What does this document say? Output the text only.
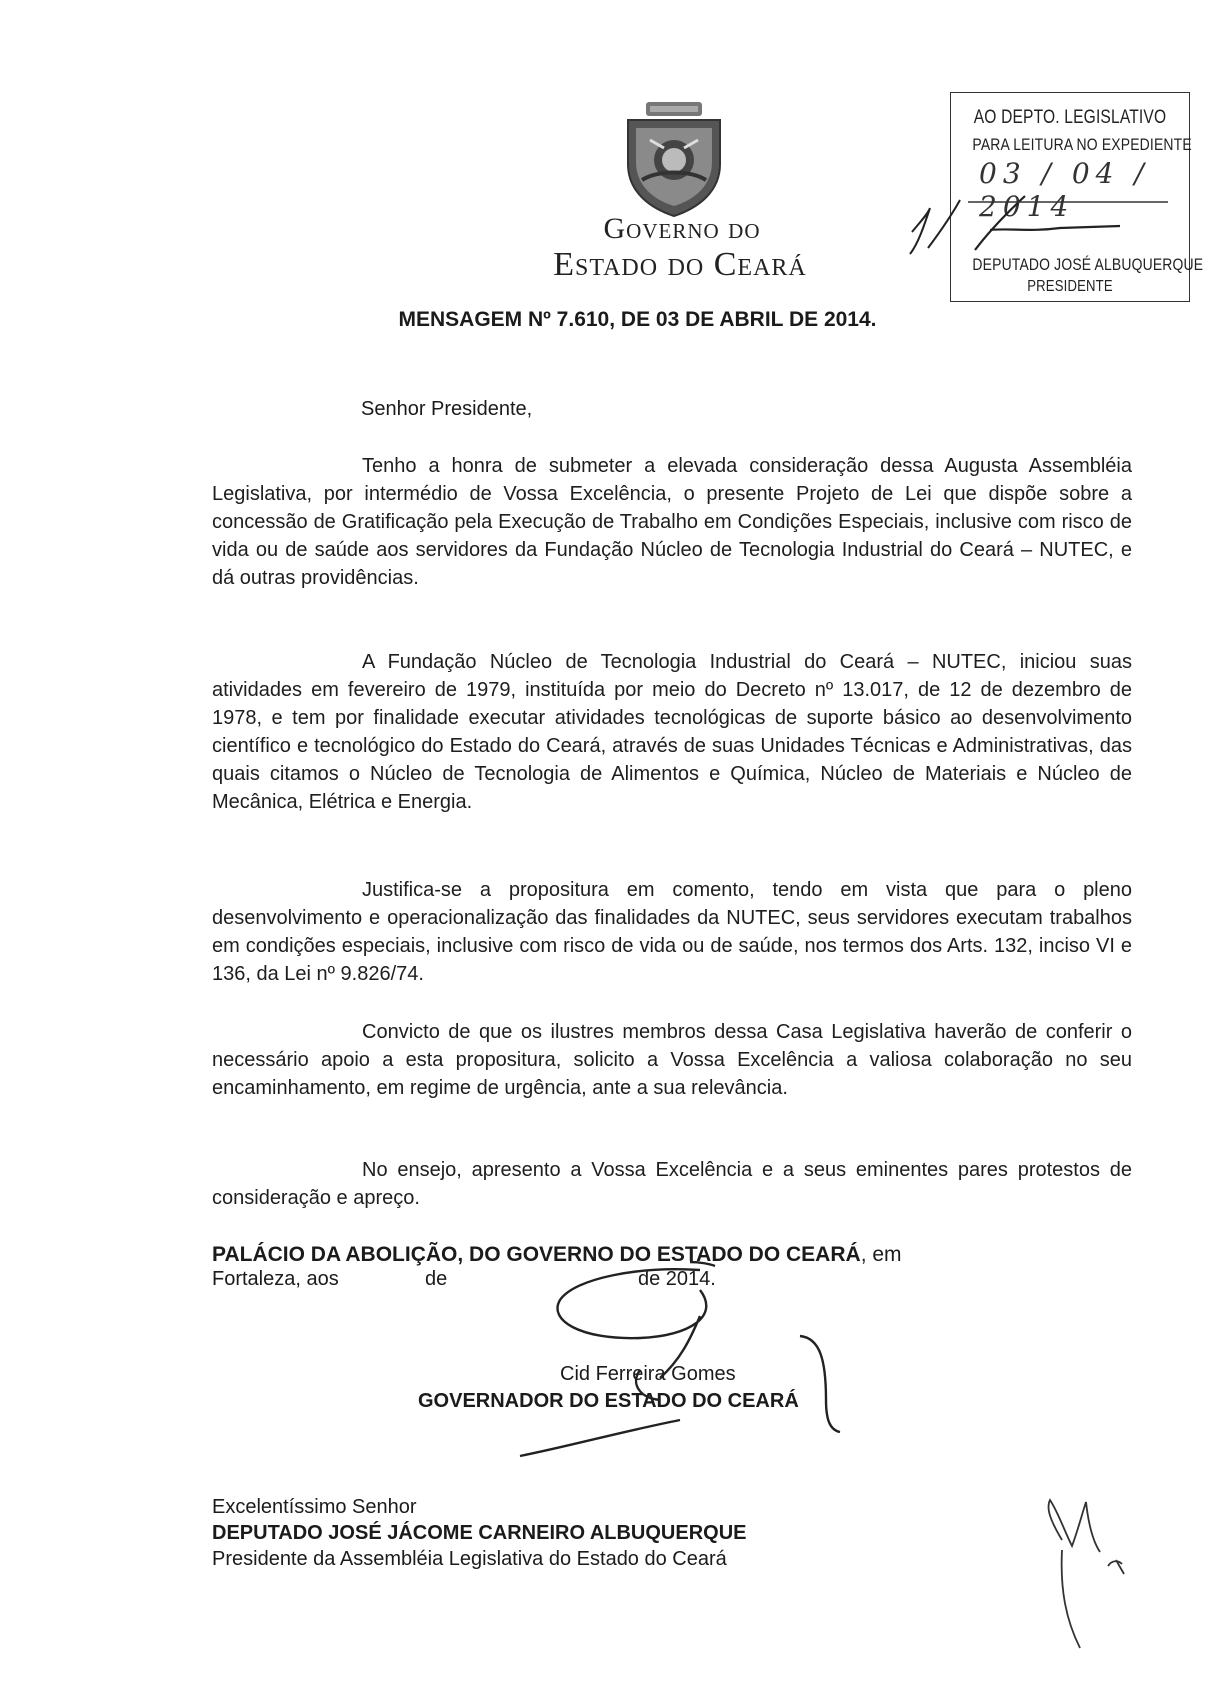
Governo do
Estado do Ceará
AO DEPTO. LEGISLATIVO
PARA LEITURA NO EXPEDIENTE
03 / 04 / 2014
DEPUTADO JOSÉ ALBUQUERQUE
PRESIDENTE
MENSAGEM Nº 7.610, DE 03 DE ABRIL DE 2014.
Senhor Presidente,

Tenho a honra de submeter a elevada consideração dessa Augusta Assembléia Legislativa, por intermédio de Vossa Excelência, o presente Projeto de Lei que dispõe sobre a concessão de Gratificação pela Execução de Trabalho em Condições Especiais, inclusive com risco de vida ou de saúde aos servidores da Fundação Núcleo de Tecnologia Industrial do Ceará – NUTEC, e dá outras providências.

A Fundação Núcleo de Tecnologia Industrial do Ceará – NUTEC, iniciou suas atividades em fevereiro de 1979, instituída por meio do Decreto nº 13.017, de 12 de dezembro de 1978, e tem por finalidade executar atividades tecnológicas de suporte básico ao desenvolvimento científico e tecnológico do Estado do Ceará, através de suas Unidades Técnicas e Administrativas, das quais citamos o Núcleo de Tecnologia de Alimentos e Química, Núcleo de Materiais e Núcleo de Mecânica, Elétrica e Energia.

Justifica-se a propositura em comento, tendo em vista que para o pleno desenvolvimento e operacionalização das finalidades da NUTEC, seus servidores executam trabalhos em condições especiais, inclusive com risco de vida ou de saúde, nos termos dos Arts. 132, inciso VI e 136, da Lei nº 9.826/74.

Convicto de que os ilustres membros dessa Casa Legislativa haverão de conferir o necessário apoio a esta propositura, solicito a Vossa Excelência a valiosa colaboração no seu encaminhamento, em regime de urgência, ante a sua relevância.

No ensejo, apresento a Vossa Excelência e a seus eminentes pares protestos de consideração e apreço.

PALÁCIO DA ABOLIÇÃO, DO GOVERNO DO ESTADO DO CEARÁ, em
Fortaleza, aos	de	de 2014.
Cid Ferreira Gomes
GOVERNADOR DO ESTADO DO CEARÁ
Excelentíssimo Senhor
DEPUTADO JOSÉ JÁCOME CARNEIRO ALBUQUERQUE
Presidente da Assembléia Legislativa do Estado do Ceará
